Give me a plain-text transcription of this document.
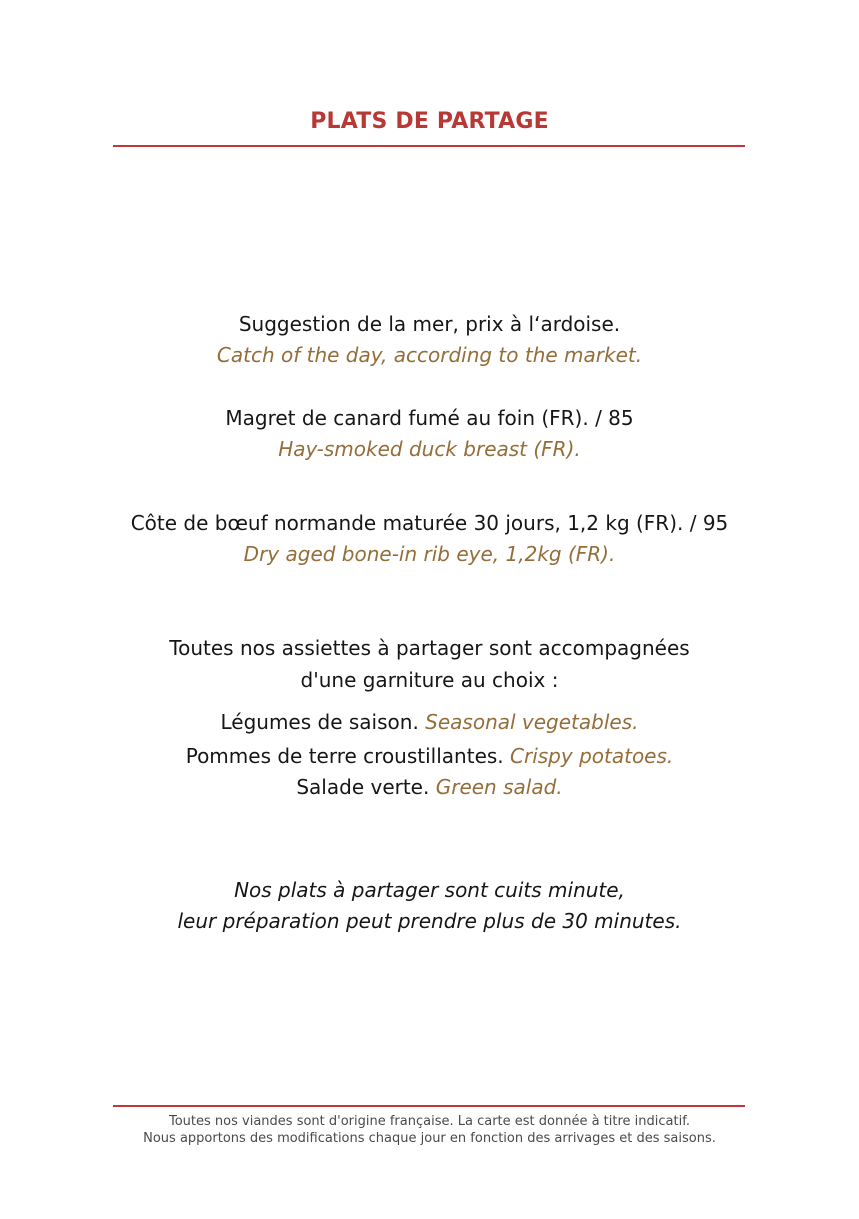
PLATS DE PARTAGE
Suggestion de la mer, prix à l‘ardoise.
Catch of the day, according to the market.
Magret de canard fumé au foin (FR). / 85
Hay-smoked duck breast (FR).
Côte de bœuf normande maturée 30 jours, 1,2 kg (FR). / 95
Dry aged bone-in rib eye, 1,2kg (FR).
Toutes nos assiettes à partager sont accompagnées
d'une garniture au choix :
Légumes de saison. Seasonal vegetables.
Pommes de terre croustillantes. Crispy potatoes.
Salade verte. Green salad.
Nos plats à partager sont cuits minute,
leur préparation peut prendre plus de 30 minutes.
Toutes nos viandes sont d'origine française. La carte est donnée à titre indicatif.
Nous apportons des modifications chaque jour en fonction des arrivages et des saisons.
